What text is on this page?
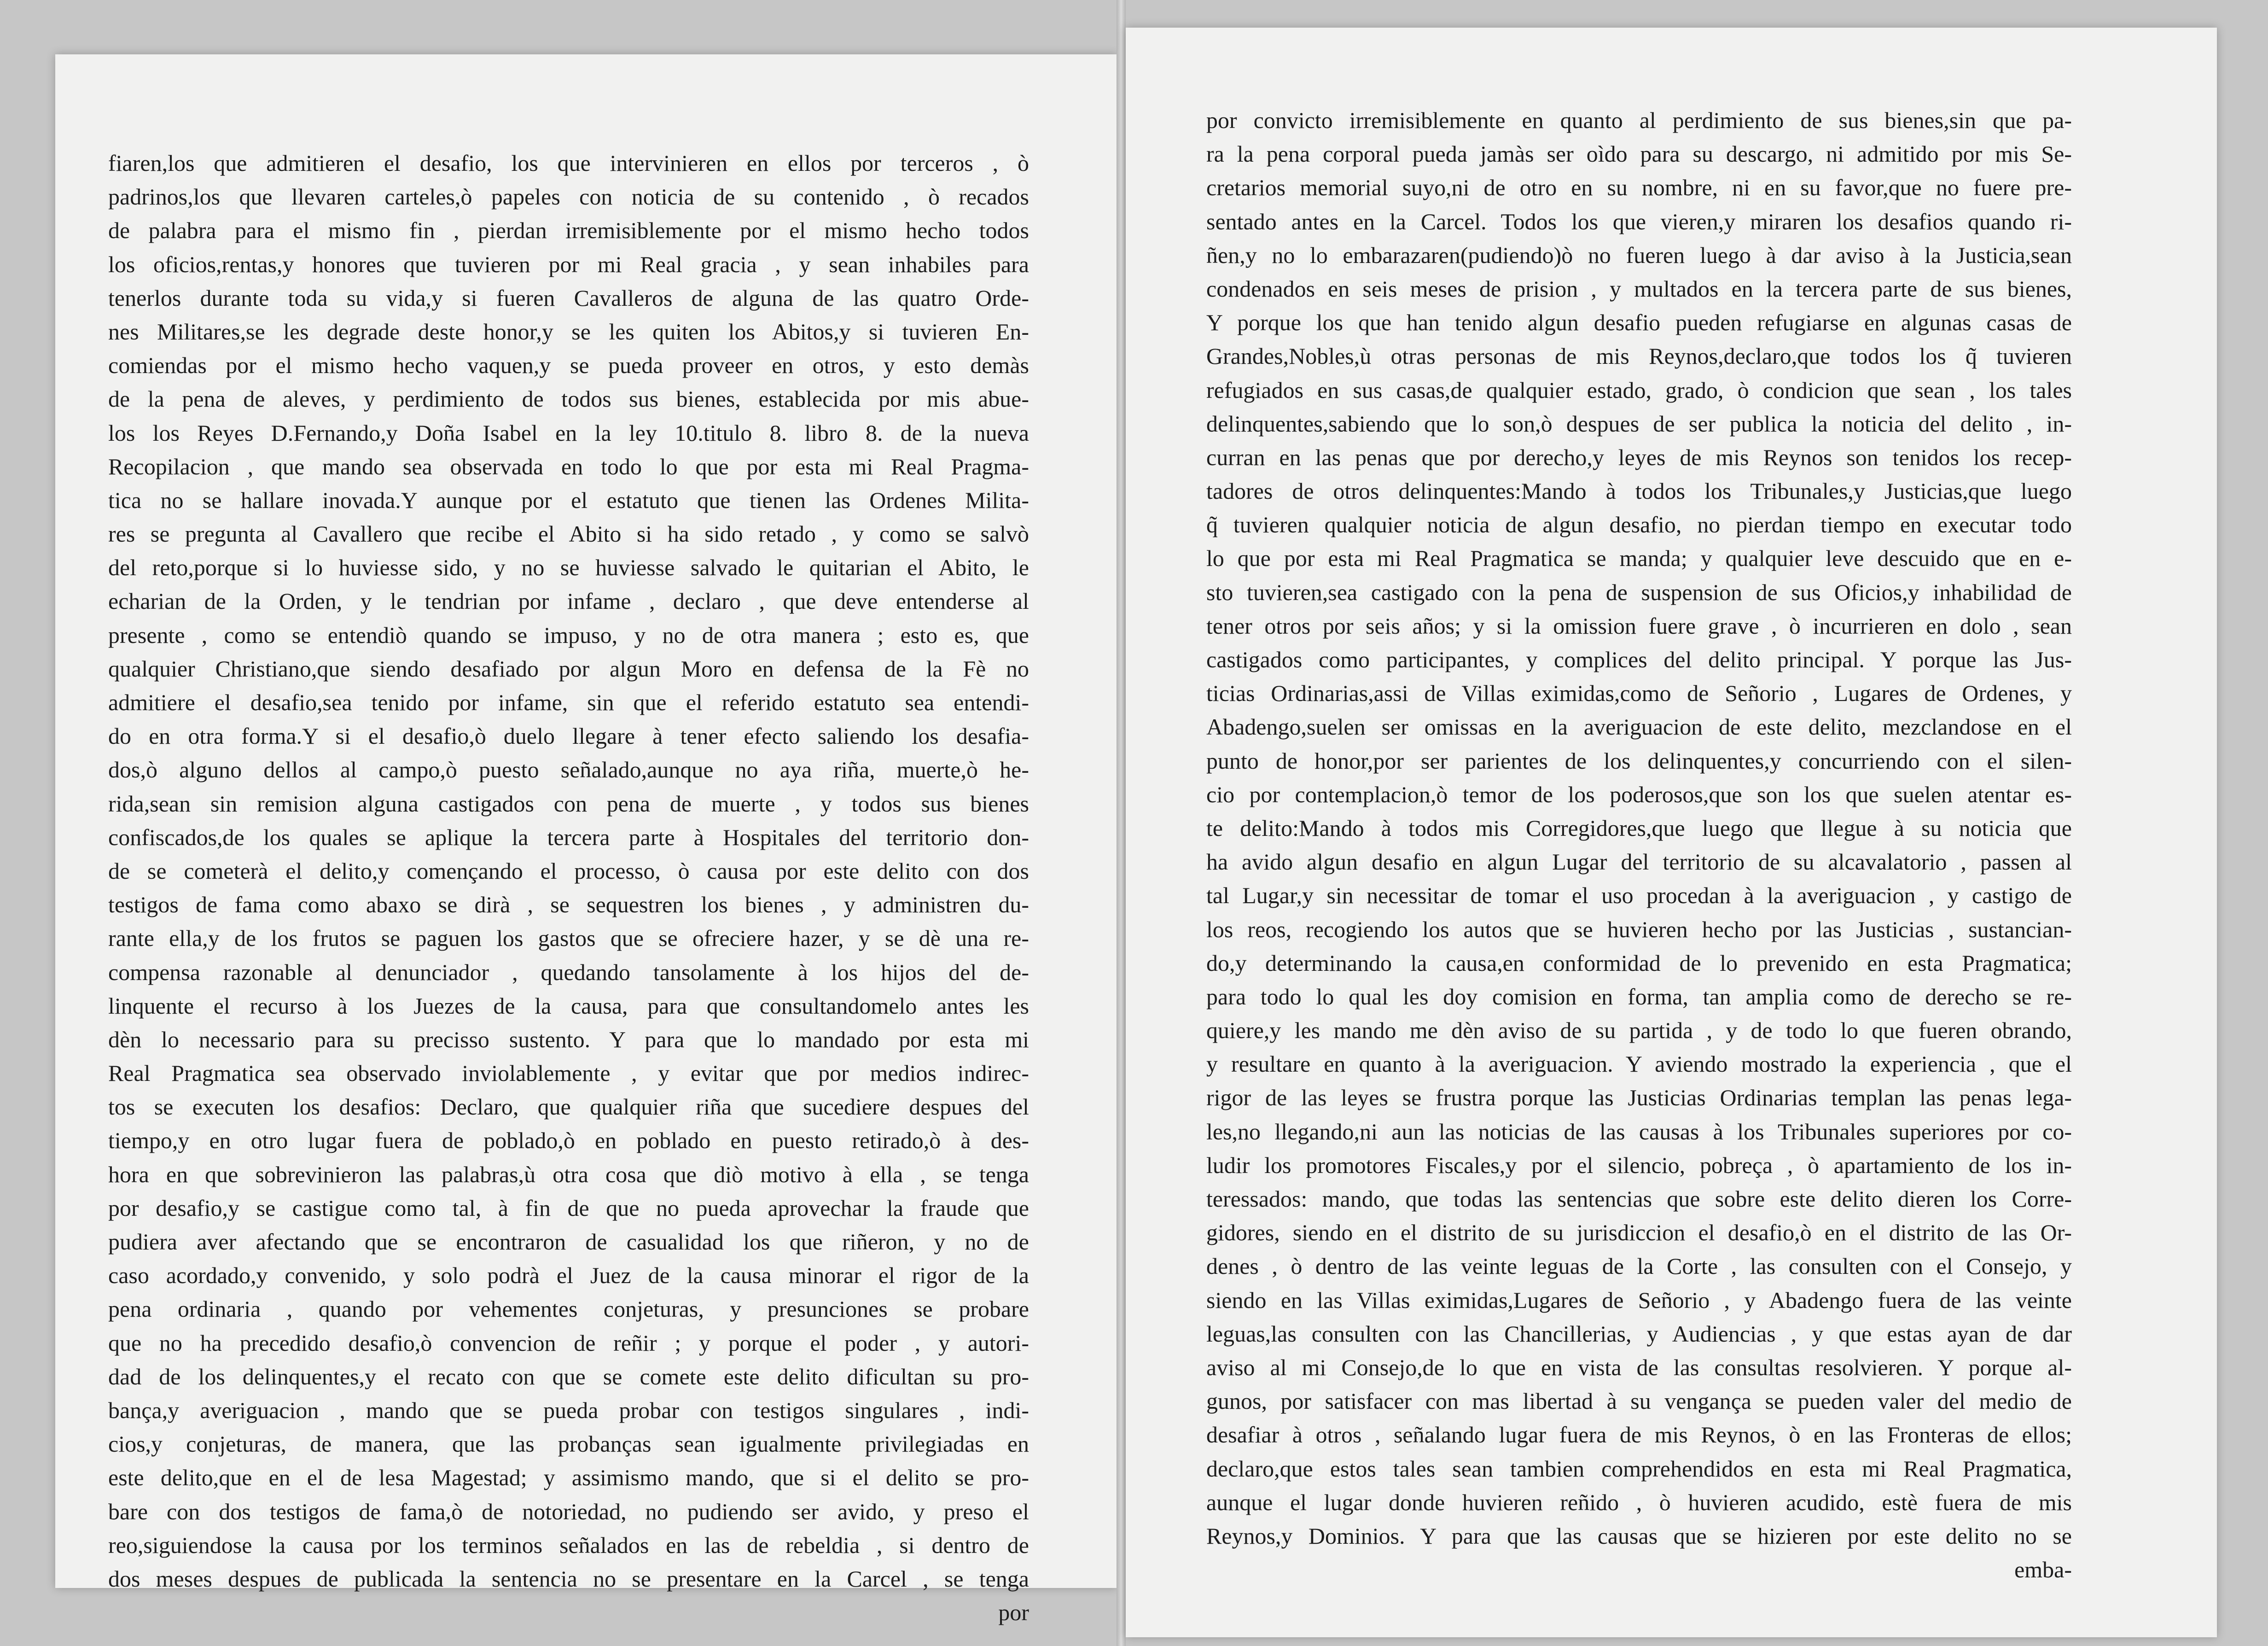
fiaren,los que admitieren el desafio, los que intervinieren en ellos por terceros , ò
padrinos,los que llevaren carteles,ò papeles con noticia de su contenido , ò recados
de palabra para el mismo fin , pierdan irremisiblemente por el mismo hecho todos
los oficios,rentas,y honores que tuvieren por mi Real gracia , y sean inhabiles para
tenerlos durante toda su vida,y si fueren Cavalleros de alguna de las quatro Orde-
nes Militares,se les degrade deste honor,y se les quiten los Abitos,y si tuvieren En-
comiendas por el mismo hecho vaquen,y se pueda proveer en otros, y esto demàs
de la pena de aleves, y perdimiento de todos sus bienes, establecida por mis abue-
los los Reyes D.Fernando,y Doña Isabel en la ley 10.titulo 8. libro 8. de la nueva
Recopilacion , que mando sea observada en todo lo que por esta mi Real Pragma-
tica no se hallare inovada.Y aunque por el estatuto que tienen las Ordenes Milita-
res se pregunta al Cavallero que recibe el Abito si ha sido retado , y como se salvò
del reto,porque si lo huviesse sido, y no se huviesse salvado le quitarian el Abito, le
echarian de la Orden, y le tendrian por infame , declaro , que deve entenderse al
presente , como se entendiò quando se impuso, y no de otra manera ; esto es, que
qualquier Christiano,que siendo desafiado por algun Moro en defensa de la Fè no
admitiere el desafio,sea tenido por infame, sin que el referido estatuto sea entendi-
do en otra forma.Y si el desafio,ò duelo llegare à tener efecto saliendo los desafia-
dos,ò alguno dellos al campo,ò puesto señalado,aunque no aya riña, muerte,ò he-
rida,sean sin remision alguna castigados con pena de muerte , y todos sus bienes
confiscados,de los quales se aplique la tercera parte à Hospitales del territorio don-
de se cometerà el delito,y començando el processo, ò causa por este delito con dos
testigos de fama como abaxo se dirà , se sequestren los bienes , y administren du-
rante ella,y de los frutos se paguen los gastos que se ofreciere hazer, y se dè una re-
compensa razonable al denunciador , quedando tansolamente à los hijos del de-
linquente el recurso à los Juezes de la causa, para que consultandomelo antes les
dèn lo necessario para su precisso sustento. Y para que lo mandado por esta mi
Real Pragmatica sea observado inviolablemente , y evitar que por medios indirec-
tos se executen los desafios: Declaro, que qualquier riña que sucediere despues del
tiempo,y en otro lugar fuera de poblado,ò en poblado en puesto retirado,ò à des-
hora en que sobrevinieron las palabras,ù otra cosa que diò motivo à ella , se tenga
por desafio,y se castigue como tal, à fin de que no pueda aprovechar la fraude que
pudiera aver afectando que se encontraron de casualidad los que riñeron, y no de
caso acordado,y convenido, y solo podrà el Juez de la causa minorar el rigor de la
pena ordinaria , quando por vehementes conjeturas, y presunciones se probare
que no ha precedido desafio,ò convencion de reñir ; y porque el poder , y autori-
dad de los delinquentes,y el recato con que se comete este delito dificultan su pro-
bança,y averiguacion , mando que se pueda probar con testigos singulares , indi-
cios,y conjeturas, de manera, que las probanças sean igualmente privilegiadas en
este delito,que en el de lesa Magestad; y assimismo mando, que si el delito se pro-
bare con dos testigos de fama,ò de notoriedad, no pudiendo ser avido, y preso el
reo,siguiendose la causa por los terminos señalados en las de rebeldia , si dentro de
dos meses despues de publicada la sentencia no se presentare en la Carcel , se tenga
por
por convicto irremisiblemente en quanto al perdimiento de sus bienes,sin que pa-
ra la pena corporal pueda jamàs ser oìdo para su descargo, ni admitido por mis Se-
cretarios memorial suyo,ni de otro en su nombre, ni en su favor,que no fuere pre-
sentado antes en la Carcel. Todos los que vieren,y miraren los desafios quando ri-
ñen,y no lo embarazaren(pudiendo)ò no fueren luego à dar aviso à la Justicia,sean
condenados en seis meses de prision , y multados en la tercera parte de sus bienes,
Y porque los que han tenido algun desafio pueden refugiarse en algunas casas de
Grandes,Nobles,ù otras personas de mis Reynos,declaro,que todos los q̃ tuvieren
refugiados en sus casas,de qualquier estado, grado, ò condicion que sean , los tales
delinquentes,sabiendo que lo son,ò despues de ser publica la noticia del delito , in-
curran en las penas que por derecho,y leyes de mis Reynos son tenidos los recep-
tadores de otros delinquentes:Mando à todos los Tribunales,y Justicias,que luego
q̃ tuvieren qualquier noticia de algun desafio, no pierdan tiempo en executar todo
lo que por esta mi Real Pragmatica se manda; y qualquier leve descuido que en e-
sto tuvieren,sea castigado con la pena de suspension de sus Oficios,y inhabilidad de
tener otros por seis años; y si la omission fuere grave , ò incurrieren en dolo , sean
castigados como participantes, y complices del delito principal. Y porque las Jus-
ticias Ordinarias,assi de Villas eximidas,como de Señorio , Lugares de Ordenes, y
Abadengo,suelen ser omissas en la averiguacion de este delito, mezclandose en el
punto de honor,por ser parientes de los delinquentes,y concurriendo con el silen-
cio por contemplacion,ò temor de los poderosos,que son los que suelen atentar es-
te delito:Mando à todos mis Corregidores,que luego que llegue à su noticia que
ha avido algun desafio en algun Lugar del territorio de su alcavalatorio , passen al
tal Lugar,y sin necessitar de tomar el uso procedan à la averiguacion , y castigo de
los reos, recogiendo los autos que se huvieren hecho por las Justicias , sustancian-
do,y determinando la causa,en conformidad de lo prevenido en esta Pragmatica;
para todo lo qual les doy comision en forma, tan amplia como de derecho se re-
quiere,y les mando me dèn aviso de su partida , y de todo lo que fueren obrando,
y resultare en quanto à la averiguacion. Y aviendo mostrado la experiencia , que el
rigor de las leyes se frustra porque las Justicias Ordinarias templan las penas lega-
les,no llegando,ni aun las noticias de las causas à los Tribunales superiores por co-
ludir los promotores Fiscales,y por el silencio, pobreça , ò apartamiento de los in-
teressados: mando, que todas las sentencias que sobre este delito dieren los Corre-
gidores, siendo en el distrito de su jurisdiccion el desafio,ò en el distrito de las Or-
denes , ò dentro de las veinte leguas de la Corte , las consulten con el Consejo, y
siendo en las Villas eximidas,Lugares de Señorio , y Abadengo fuera de las veinte
leguas,las consulten con las Chancillerias, y Audiencias , y que estas ayan de dar
aviso al mi Consejo,de lo que en vista de las consultas resolvieren. Y porque al-
gunos, por satisfacer con mas libertad à su vengança se pueden valer del medio de
desafiar à otros , señalando lugar fuera de mis Reynos, ò en las Fronteras de ellos;
declaro,que estos tales sean tambien comprehendidos en esta mi Real Pragmatica,
aunque el lugar donde huvieren reñido , ò huvieren acudido, estè fuera de mis
Reynos,y Dominios. Y para que las causas que se hizieren por este delito no se
emba-
